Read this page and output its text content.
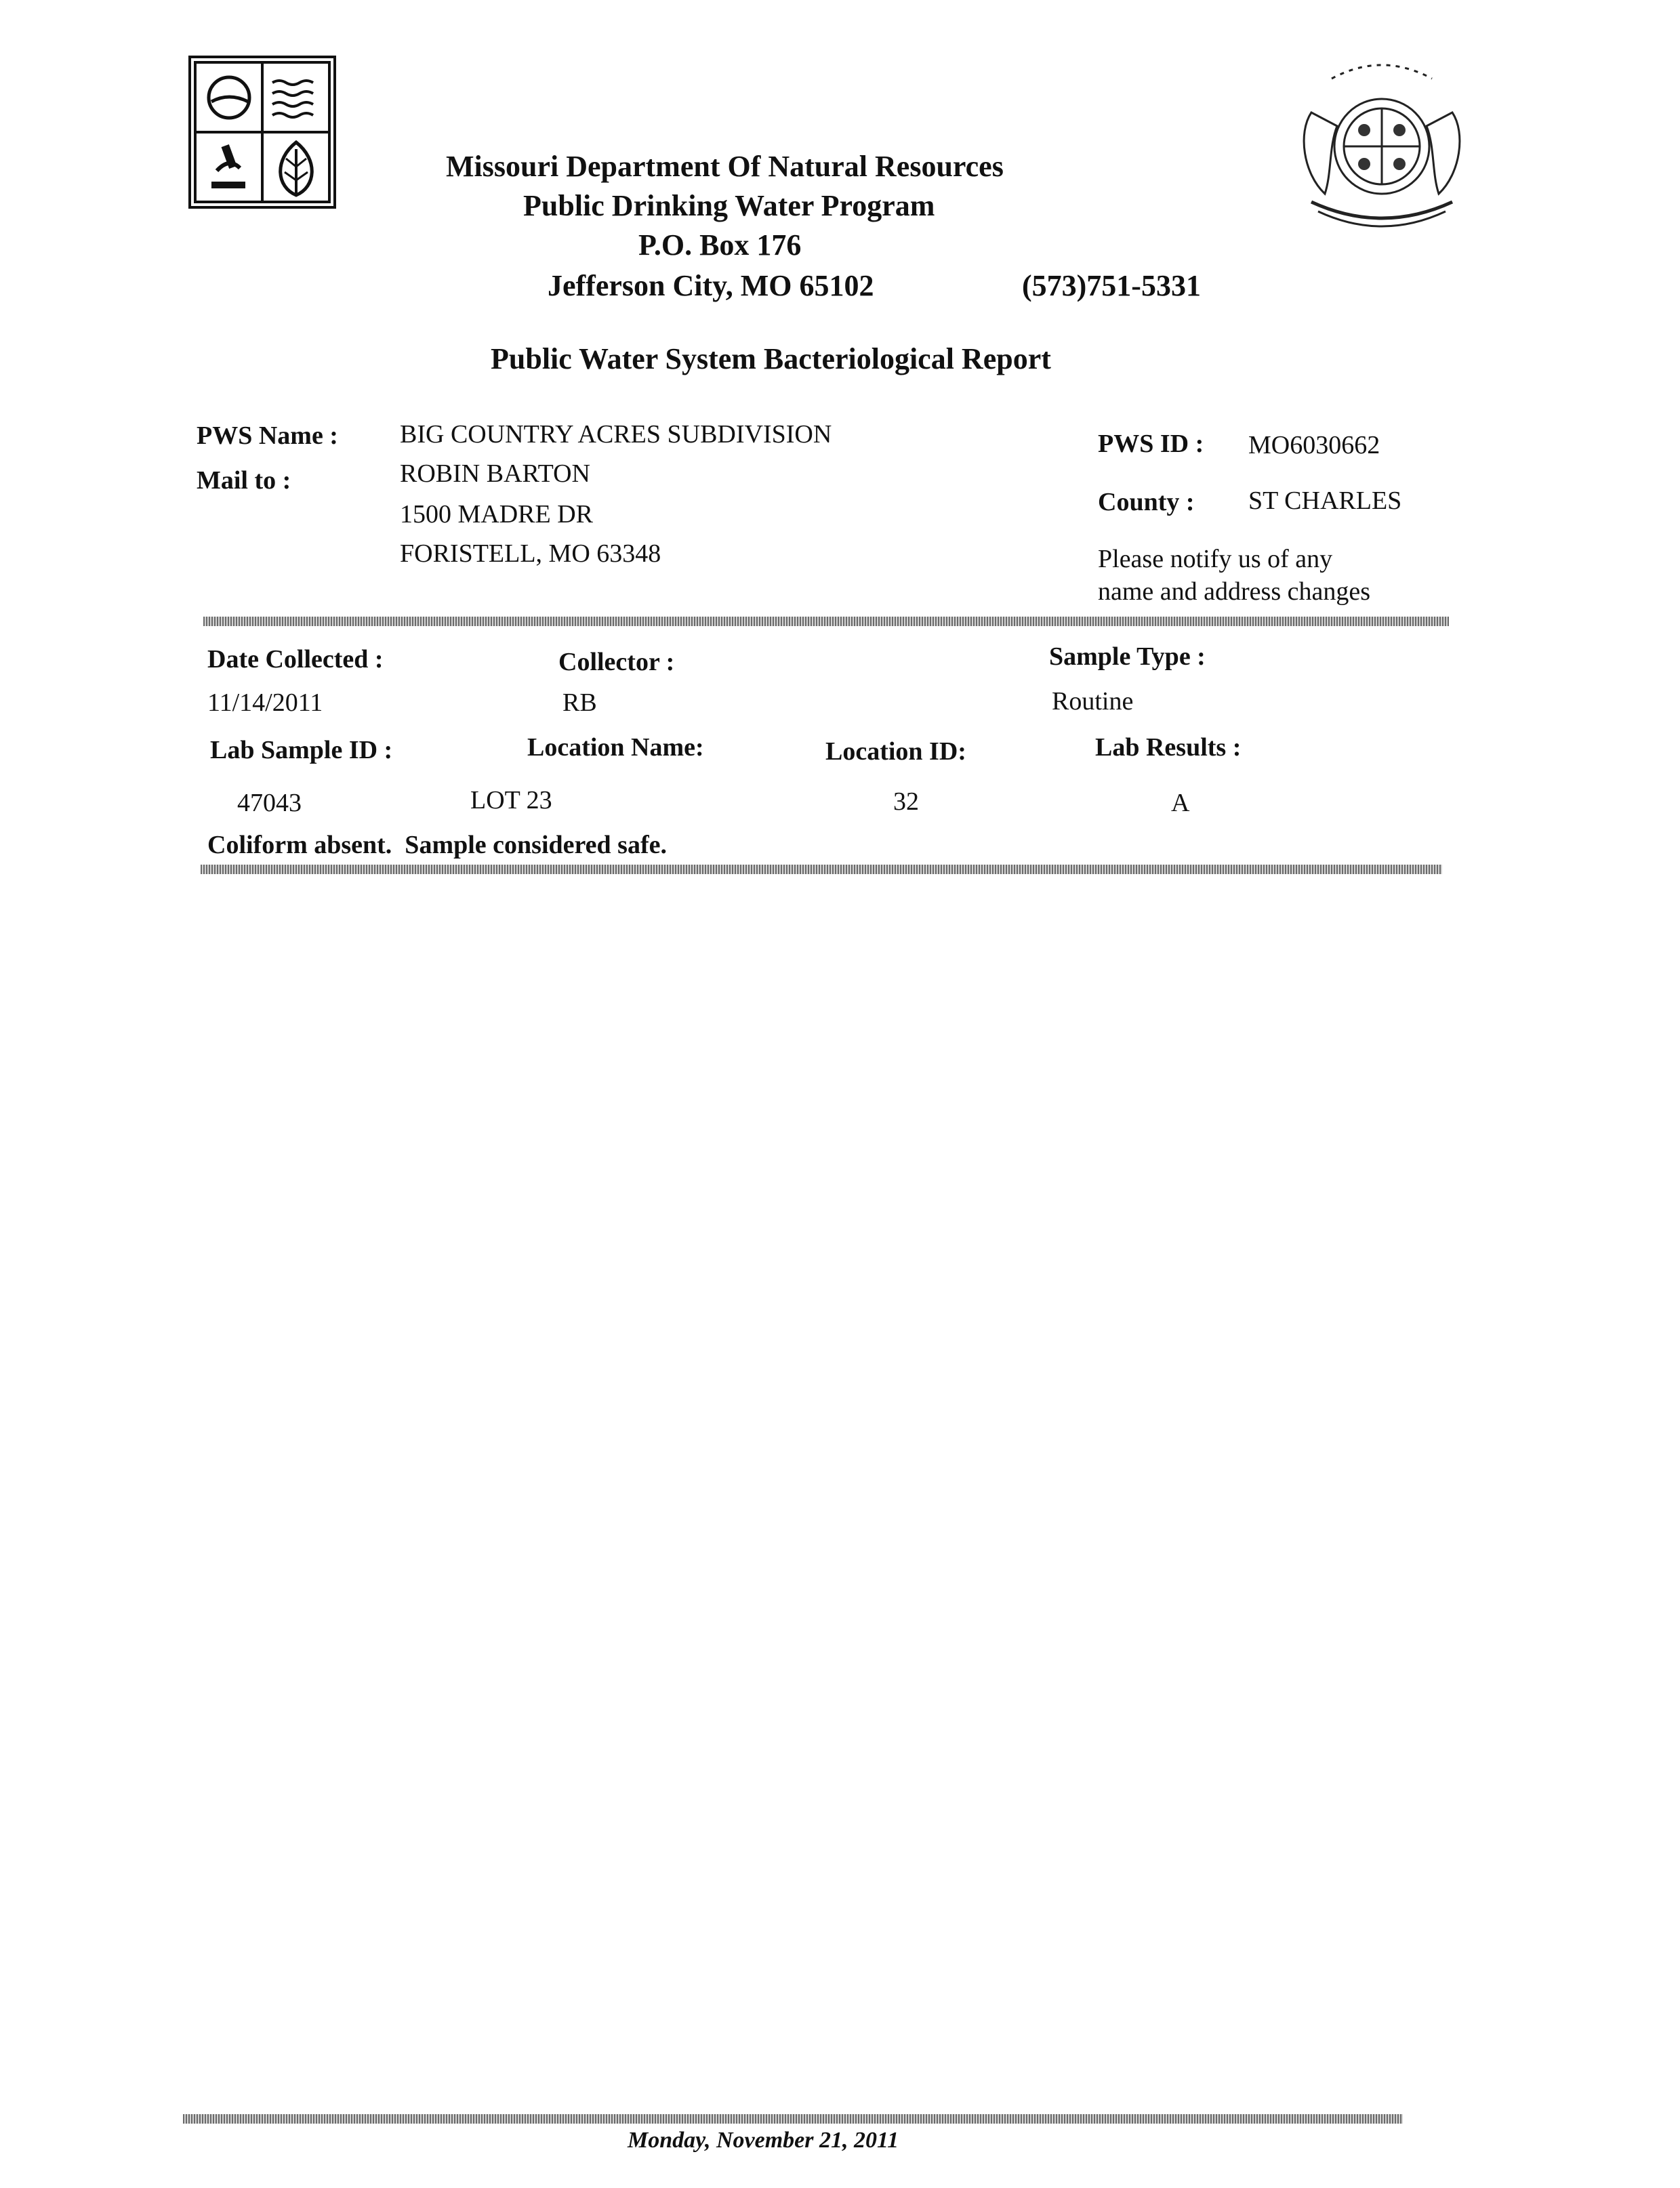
Missouri Department Of Natural Resources
Public Drinking Water Program
P.O. Box 176
Jefferson City, MO 65102	(573)751-5331
Public Water System Bacteriological Report
PWS Name : BIG COUNTRY ACRES SUBDIVISION
Mail to :	ROBIN BARTON
1500 MADRE DR
FORISTELL, MO 63348
PWS ID : MO6030662
County : ST CHARLES
Please notify us of any
name and address changes
Date Collected :
11/14/2011
Collector :
RB
Sample Type :
Routine
Lab Sample ID :	Location Name:	Location ID:	Lab Results :
47043	LOT 23	32	A
Coliform absent.  Sample considered safe.
Monday, November 21, 2011
